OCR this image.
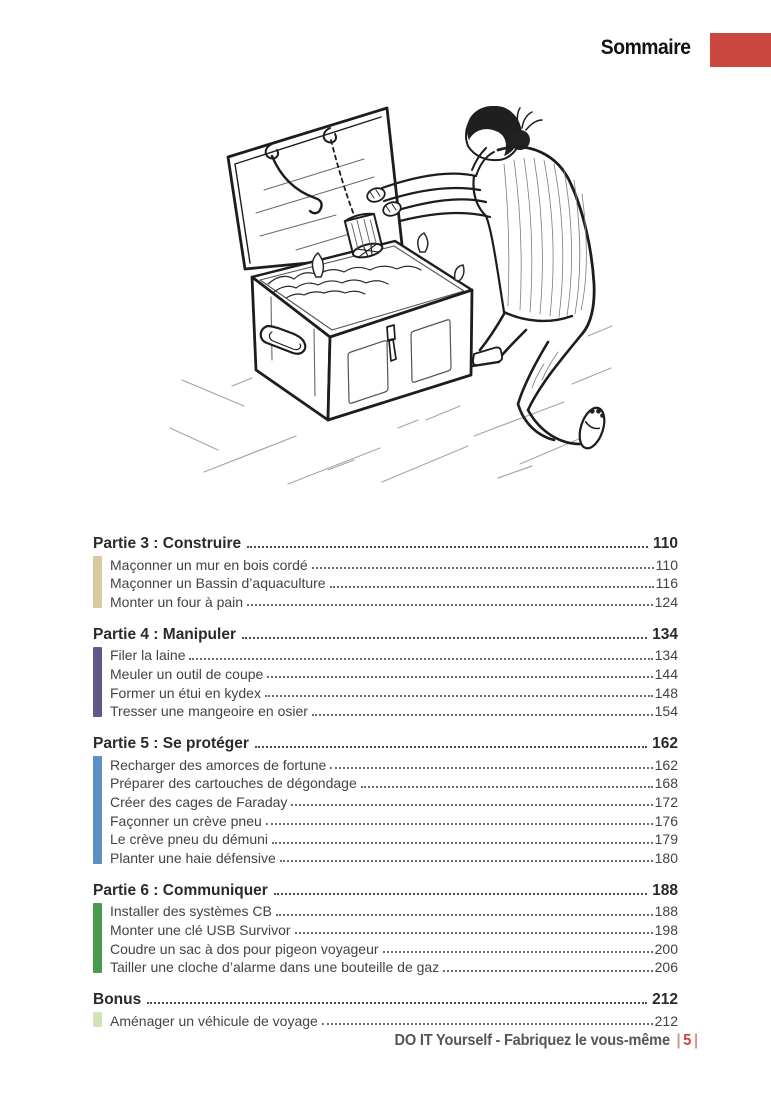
Sommaire
Partie 3 : Construire	110
Maçonner un mur en bois cordé	110
Maçonner un Bassin d’aquaculture	116
Monter un four à pain	124
Partie 4 : Manipuler	134
Filer la laine	134
Meuler un outil de coupe	144
Former un étui en kydex	148
Tresser une mangeoire en osier	154
Partie 5 : Se protéger	162
Recharger des amorces de fortune	162
Préparer des cartouches de dégondage	168
Créer des cages de Faraday	172
Façonner un crève pneu	176
Le crève pneu du démuni	179
Planter une haie défensive	180
Partie 6 : Communiquer	188
Installer des systèmes CB	188
Monter une clé USB Survivor	198
Coudre un sac à dos pour pigeon voyageur	200
Tailler une cloche d’alarme dans une bouteille de gaz	206
Bonus	212
Aménager un véhicule de voyage	212
DO IT Yourself - Fabriquez le vous-même | 5 |
